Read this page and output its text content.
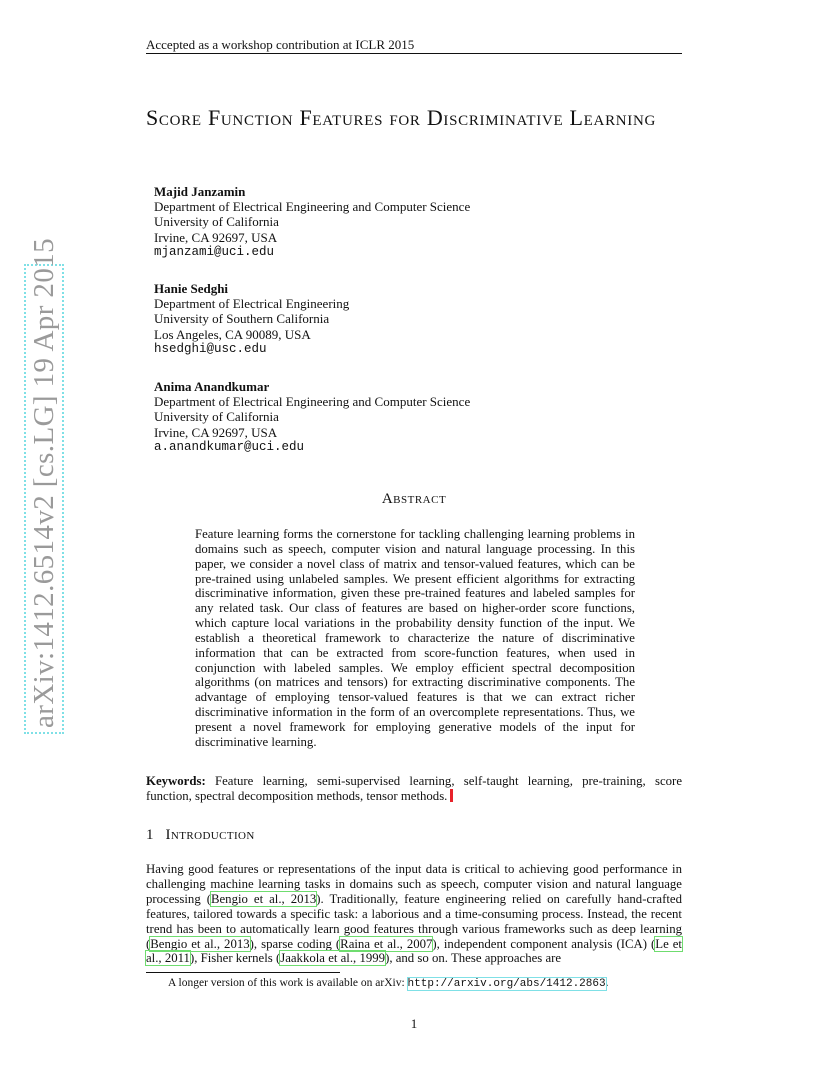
Accepted as a workshop contribution at ICLR 2015
Score Function Features for Discriminative Learning
Majid Janzamin
Department of Electrical Engineering and Computer Science
University of California
Irvine, CA 92697, USA
mjanzami@uci.edu
Hanie Sedghi
Department of Electrical Engineering
University of Southern California
Los Angeles, CA 90089, USA
hsedghi@usc.edu
Anima Anandkumar
Department of Electrical Engineering and Computer Science
University of California
Irvine, CA 92697, USA
a.anandkumar@uci.edu
arXiv:1412.6514v2 [cs.LG] 19 Apr 2015	Abstract
Feature learning forms the cornerstone for tackling challenging learning problems in domains such as speech, computer vision and natural language processing. In this paper, we consider a novel class of matrix and tensor-valued features, which can be pre-trained using unlabeled samples. We present efficient algorithms for extracting discriminative information, given these pre-trained features and labeled samples for any related task. Our class of features are based on higher-order score functions, which capture local variations in the probability density function of the input. We establish a theoretical framework to characterize the nature of discriminative information that can be extracted from score-function features, when used in conjunction with labeled samples. We employ efficient spectral decomposition algorithms (on matrices and tensors) for extracting discriminative components. The advantage of employing tensor-valued features is that we can extract richer discriminative information in the form of an overcomplete representations. Thus, we present a novel framework for employing generative models of the input for discriminative learning.
Keywords: Feature learning, semi-supervised learning, self-taught learning, pre-training, score function, spectral decomposition methods, tensor methods.
1 Introduction
Having good features or representations of the input data is critical to achieving good performance in challenging machine learning tasks in domains such as speech, computer vision and natural language processing (Bengio et al., 2013). Traditionally, feature engineering relied on carefully hand-crafted features, tailored towards a specific task: a laborious and a time-consuming process. Instead, the recent trend has been to automatically learn good features through various frameworks such as deep learning (Bengio et al., 2013), sparse coding (Raina et al., 2007), independent component analysis (ICA) (Le et al., 2011), Fisher kernels (Jaakkola et al., 1999), and so on. These approaches are
A longer version of this work is available on arXiv: http://arxiv.org/abs/1412.2863.
1
